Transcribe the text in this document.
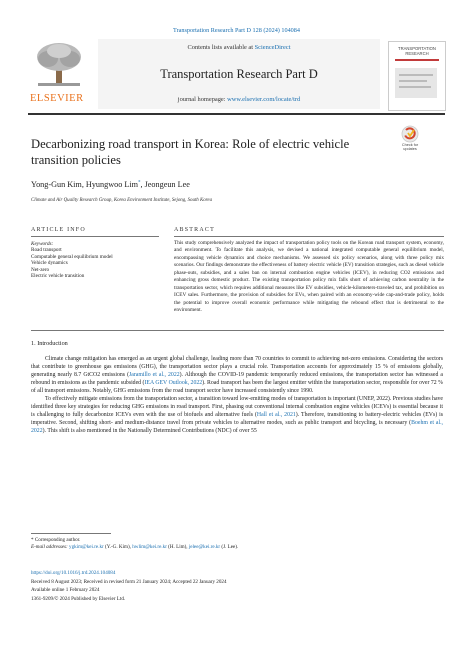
Transportation Research Part D 128 (2024) 104084
ELSEVIER
Contents lists available at ScienceDirect
Transportation Research Part D
journal homepage: www.elsevier.com/locate/trd
TRANSPORTATION RESEARCH
Check for updates
Decarbonizing road transport in Korea: Role of electric vehicle transition policies
Yong-Gun Kim, Hyungwoo Lim*, Jeongeun Lee
Climate and Air Quality Research Group, Korea Environment Institute, Sejong, South Korea
ARTICLE INFO	ABSTRACT
Keywords:
Road transport
Computable general equilibrium model
Vehicle dynamics
Net-zero
Electric vehicle transition
This study comprehensively analyzed the impact of transportation policy tools on the Korean road transport system, economy, and environment. To facilitate this analysis, we devised a national integrated computable general equilibrium model, encompassing vehicle dynamics and choice mechanisms. We assessed six policy scenarios, along with three policy mix scenarios. Our findings demonstrate the effectiveness of battery electric vehicle (EV) transition strategies, such as diesel vehicle phase-outs, subsidies, and a sales ban on internal combustion engine vehicles (ICEV), in reducing CO2 emissions and enhancing gross domestic product. The existing transportation policy mix falls short of achieving carbon neutrality in the transportation sector, which requires additional measures like EV subsidies, vehicle-kilometers-traveled tax, and prohibition on ICEV sales. Furthermore, the provision of subsidies for EVs, when paired with an economy-wide cap-and-trade policy, holds the potential to improve overall economic performance while mitigating the rebound effect that is detrimental to the environment.
1. Introduction

Climate change mitigation has emerged as an urgent global challenge, leading more than 70 countries to commit to achieving net-zero emissions. Considering the sectors that contribute to greenhouse gas emissions (GHG), the transportation sector plays a crucial role. Transportation accounts for approximately 15 % of emissions globally, generating nearly 8.7 GtCO2 emissions (Jaramillo et al., 2022). Although the COVID-19 pandemic temporarily reduced emissions, the transportation sector has witnessed a rebound in emissions as the pandemic subsided (IEA GEV Outlook, 2022). Road transport has been the largest emitter within the transportation sector, responsible for over 72 % of all transport emissions. Notably, GHG emissions from the road transport sector have increased consistently since 1990.

To effectively mitigate emissions from the transportation sector, a transition toward low-emitting modes of transportation is important (UNEP, 2022). Previous studies have identified three key strategies for reducing GHG emissions in road transport. First, phasing out conventional internal combustion engine vehicles (ICEVs) is essential because it is challenging to fully decarbonize ICEVs even with the use of biofuels and alternative fuels (Hall et al., 2021). Therefore, transitioning to battery-electric vehicles (EVs) is imperative. Second, shifting short- and medium-distance travel from private vehicles to alternative modes, such as public transport and bicycling, is necessary (Boehm et al., 2022). This shift is also mentioned in the Nationally Determined Contributions (NDC) of over 55

* Corresponding author.
E-mail addresses: ygkim@kei.re.kr (Y.-G. Kim), hwlim@kei.re.kr (H. Lim), jelee@kei.re.kr (J. Lee).
https://doi.org/10.1016/j.trd.2024.104084
Received 8 August 2023; Received in revised form 21 January 2024; Accepted 22 January 2024
Available online 1 February 2024
1361-9209/© 2024 Published by Elsevier Ltd.
